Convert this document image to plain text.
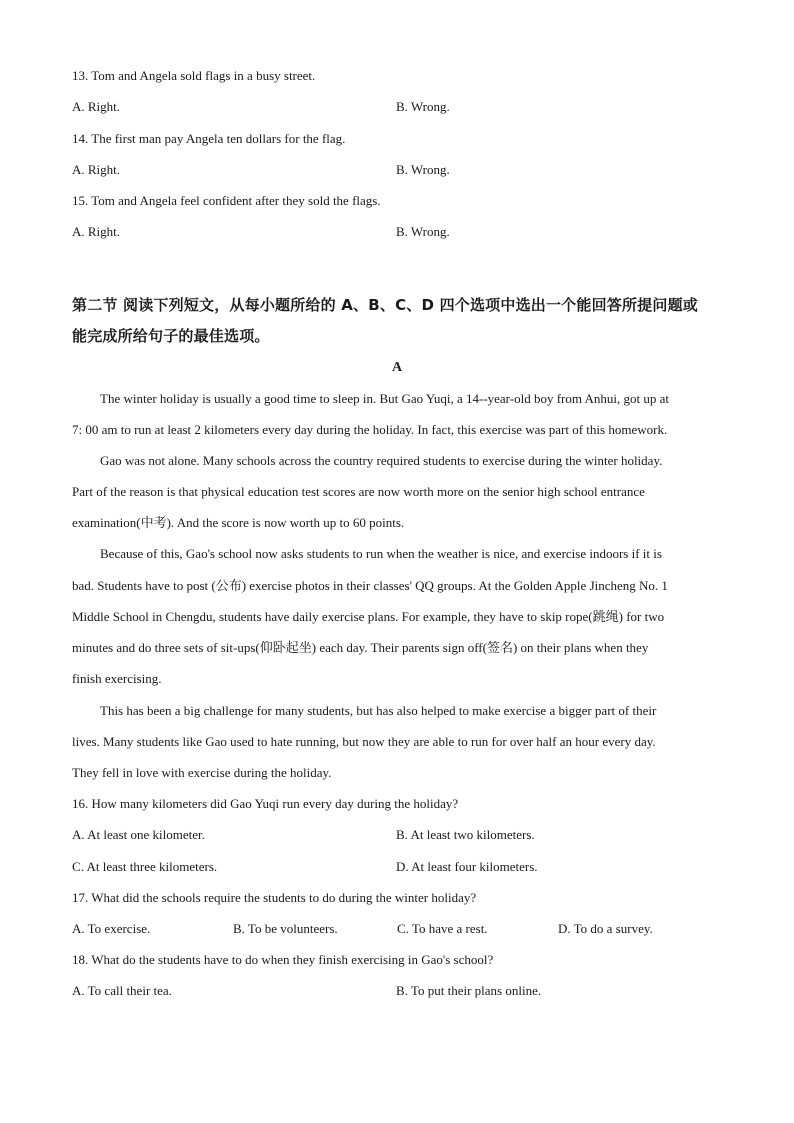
13. Tom and Angela sold flags in a busy street.
A. Right.	B. Wrong.
14. The first man pay Angela ten dollars for the flag.
A. Right.	B. Wrong.
15. Tom and Angela feel confident after they sold the flags.
A. Right.	B. Wrong.
第二节 阅读下列短文，从每小题所给的 A、B、C、D 四个选项中选出一个能回答所提问题或
能完成所给句子的最佳选项。
A
The winter holiday is usually a good time to sleep in. But Gao Yuqi, a 14--year-old boy from Anhui, got up at
7: 00 am to run at least 2 kilometers every day during the holiday. In fact, this exercise was part of this homework.
Gao was not alone. Many schools across the country required students to exercise during the winter holiday.
Part of the reason is that physical education test scores are now worth more on the senior high school entrance
examination(中考). And the score is now worth up to 60 points.
Because of this, Gao's school now asks students to run when the weather is nice, and exercise indoors if it is
bad. Students have to post (公布) exercise photos in their classes' QQ groups. At the Golden Apple Jincheng No. 1
Middle School in Chengdu, students have daily exercise plans. For example, they have to skip rope(跳绳) for two
minutes and do three sets of sit-ups(仰卧起坐) each day. Their parents sign off(签名) on their plans when they
finish exercising.
This has been a big challenge for many students, but has also helped to make exercise a bigger part of their
lives. Many students like Gao used to hate running, but now they are able to run for over half an hour every day.
They fell in love with exercise during the holiday.
16. How many kilometers did Gao Yuqi run every day during the holiday?
A. At least one kilometer.	B. At least two kilometers.
C. At least three kilometers.	D. At least four kilometers.
17. What did the schools require the students to do during the winter holiday?
A. To exercise.	B. To be volunteers.	C. To have a rest.	D. To do a survey.
18. What do the students have to do when they finish exercising in Gao's school?
A. To call their tea.	B. To put their plans online.
